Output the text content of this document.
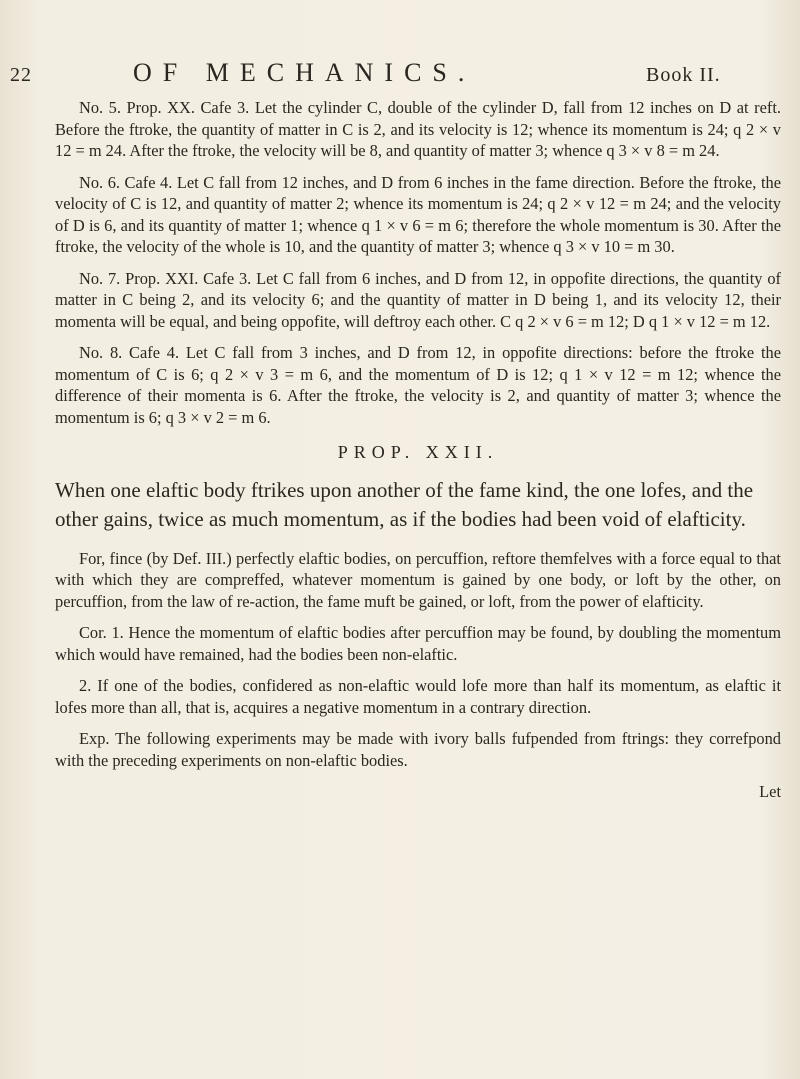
22	OF MECHANICS.	Book II.

No. 5. Prop. XX. Cafe 3. Let the cylinder C, double of the cylinder D, fall from 12 inches on D at reft. Before the ftroke, the quantity of matter in C is 2, and its velocity is 12; whence its momentum is 24; q 2 × v 12 = m 24. After the ftroke, the velocity will be 8, and quantity of matter 3; whence q 3 × v 8 = m 24.

No. 6. Cafe 4. Let C fall from 12 inches, and D from 6 inches in the fame direction. Before the ftroke, the velocity of C is 12, and quantity of matter 2; whence its momentum is 24; q 2 × v 12 = m 24; and the velocity of D is 6, and its quantity of matter 1; whence q 1 × v 6 = m 6; therefore the whole momentum is 30. After the ftroke, the velocity of the whole is 10, and the quantity of matter 3; whence q 3 × v 10 = m 30.

No. 7. Prop. XXI. Cafe 3. Let C fall from 6 inches, and D from 12, in oppofite directions, the quantity of matter in C being 2, and its velocity 6; and the quantity of matter in D being 1, and its velocity 12, their momenta will be equal, and being oppofite, will deftroy each other. C q 2 × v 6 = m 12; D q 1 × v 12 = m 12.

No. 8. Cafe 4. Let C fall from 3 inches, and D from 12, in oppofite directions: before the ftroke the momentum of C is 6; q 2 × v 3 = m 6, and the momentum of D is 12; q 1 × v 12 = m 12; whence the difference of their momenta is 6. After the ftroke, the velocity is 2, and quantity of matter 3; whence the momentum is 6; q 3 × v 2 = m 6.

PROP. XXII.

When one elaftic body ftrikes upon another of the fame kind, the one lofes, and the other gains, twice as much momentum, as if the bodies had been void of elafticity.

For, fince (by Def. III.) perfectly elaftic bodies, on percuffion, reftore themfelves with a force equal to that with which they are compreffed, whatever momentum is gained by one body, or loft by the other, on percuffion, from the law of re-action, the fame muft be gained, or loft, from the power of elafticity.

Cor. 1. Hence the momentum of elaftic bodies after percuffion may be found, by doubling the momentum which would have remained, had the bodies been non-elaftic.

2. If one of the bodies, confidered as non-elaftic would lofe more than half its momentum, as elaftic it lofes more than all, that is, acquires a negative momentum in a contrary direction.

Exp. The following experiments may be made with ivory balls fufpended from ftrings: they correfpond with the preceding experiments on non-elaftic bodies.

Let
